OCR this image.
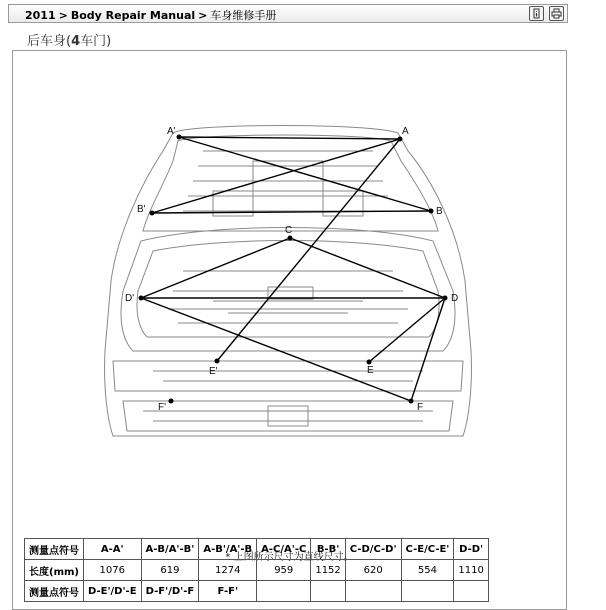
2011 > Body Repair Manual > 车身维修手册
后车身(4车门)
A'	A
B'	B
C
D'	D
E'	E
F'	F
* 上图所示尺寸为直线尺寸。
测量点符号	A-A'	A-B/A'-B'	A-B'/A'-B	A-C/A'-C	B-B'	C-D/C-D'	C-E/C-E'	D-D'
长度(mm)	1076	619	1274	959	1152	620	554	1110
测量点符号	D-E'/D'-E	D-F'/D'-F	F-F'					
